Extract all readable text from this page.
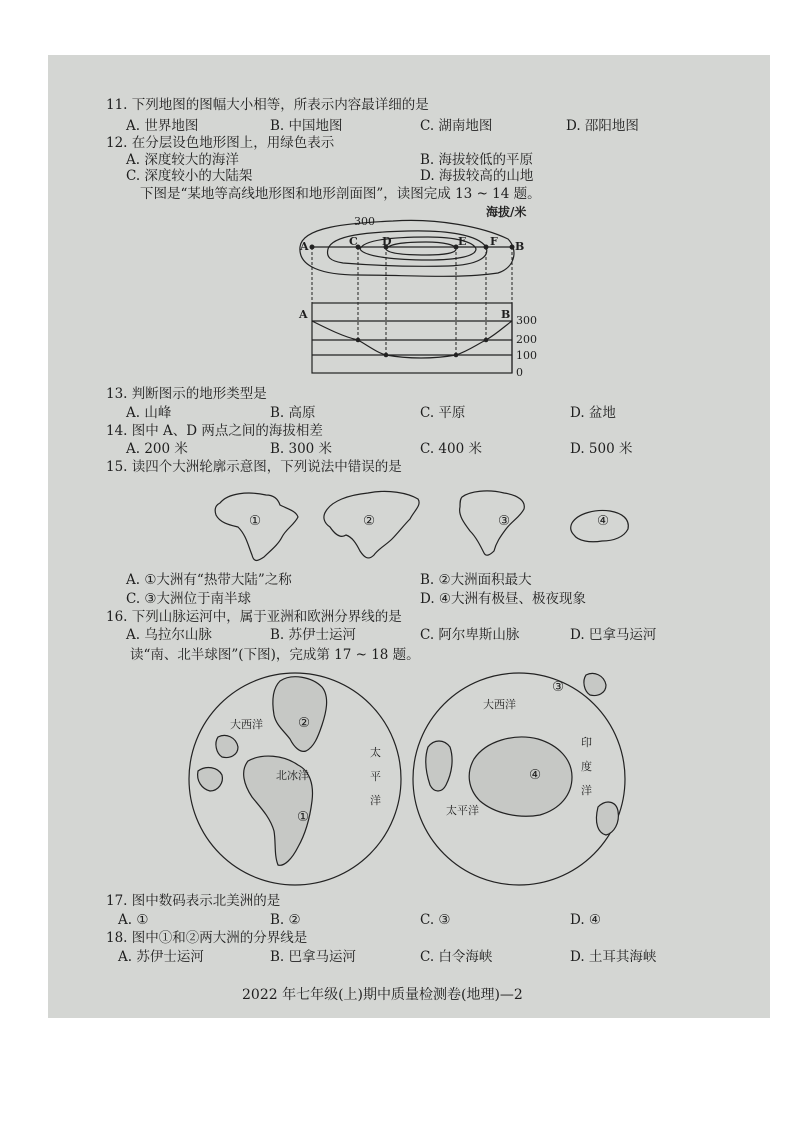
11. 下列地图的图幅大小相等，所表示内容最详细的是
A. 世界地图	B. 中国地图	C. 湖南地图	D. 邵阳地图
12. 在分层设色地形图上，用绿色表示
A. 深度较大的海洋	B. 海拔较低的平原
C. 深度较小的大陆架	D. 海拔较高的山地
下图是“某地等高线地形图和地形剖面图”，读图完成 13 ~ 14 题。
300
海拔/米
A	C D	E F B
A	B 300
200
100
0
13. 判断图示的地形类型是
A. 山峰	B. 高原	C. 平原	D. 盆地
14. 图中 A、D 两点之间的海拔相差
A. 200 米	B. 300 米	C. 400 米	D. 500 米
15. 读四个大洲轮廓示意图，下列说法中错误的是
①	②	③	④
A. ①大洲有“热带大陆”之称	B. ②大洲面积最大
C. ③大洲位于南半球	D. ④大洲有极昼、极夜现象
16. 下列山脉运河中，属于亚洲和欧洲分界线的是
A. 乌拉尔山脉	B. 苏伊士运河	C. 阿尔卑斯山脉	D. 巴拿马运河
读“南、北半球图”(下图)，完成第 17 ~ 18 题。
大西洋
北冰洋
太
平
洋
①
②
大西洋
太平洋
印
度
洋
③
④
17. 图中数码表示北美洲的是
A. ①	B. ②	C. ③	D. ④
18. 图中①和②两大洲的分界线是
A. 苏伊士运河	B. 巴拿马运河	C. 白令海峡	D. 土耳其海峡
2022 年七年级(上)期中质量检测卷(地理)—2
